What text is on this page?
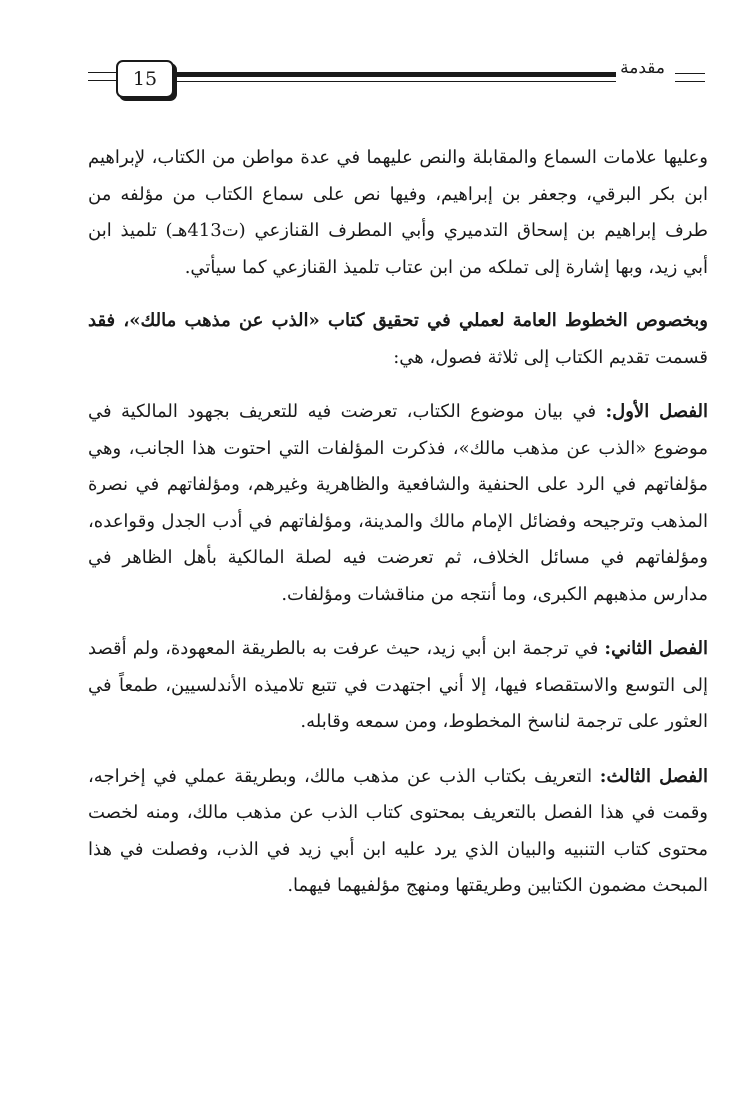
مقدمة
15

وعليها علامات السماع والمقابلة والنص عليهما في عدة مواطن من الكتاب، لإبراهيم ابن بكر البرقي، وجعفر بن إبراهيم، وفيها نص على سماع الكتاب من مؤلفه من طرف إبراهيم بن إسحاق التدميري وأبي المطرف القنازعي (ت413هـ) تلميذ ابن أبي زيد، وبها إشارة إلى تملكه من ابن عتاب تلميذ القنازعي كما سيأتي.

وبخصوص الخطوط العامة لعملي في تحقيق كتاب «الذب عن مذهب مالك»، فقد قسمت تقديم الكتاب إلى ثلاثة فصول، هي:

الفصل الأول: في بيان موضوع الكتاب، تعرضت فيه للتعريف بجهود المالكية في موضوع «الذب عن مذهب مالك»، فذكرت المؤلفات التي احتوت هذا الجانب، وهي مؤلفاتهم في الرد على الحنفية والشافعية والظاهرية وغيرهم، ومؤلفاتهم في نصرة المذهب وترجيحه وفضائل الإمام مالك والمدينة، ومؤلفاتهم في أدب الجدل وقواعده، ومؤلفاتهم في مسائل الخلاف، ثم تعرضت فيه لصلة المالكية بأهل الظاهر في مدارس مذهبهم الكبرى، وما أنتجه من مناقشات ومؤلفات.

الفصل الثاني: في ترجمة ابن أبي زيد، حيث عرفت به بالطريقة المعهودة، ولم أقصد إلى التوسع والاستقصاء فيها، إلا أني اجتهدت في تتبع تلاميذه الأندلسيين، طمعاً في العثور على ترجمة لناسخ المخطوط، ومن سمعه وقابله.

الفصل الثالث: التعريف بكتاب الذب عن مذهب مالك، وبطريقة عملي في إخراجه، وقمت في هذا الفصل بالتعريف بمحتوى كتاب الذب عن مذهب مالك، ومنه لخصت محتوى كتاب التنبيه والبيان الذي يرد عليه ابن أبي زيد في الذب، وفصلت في هذا المبحث مضمون الكتابين وطريقتها ومنهج مؤلفيهما فيهما.
